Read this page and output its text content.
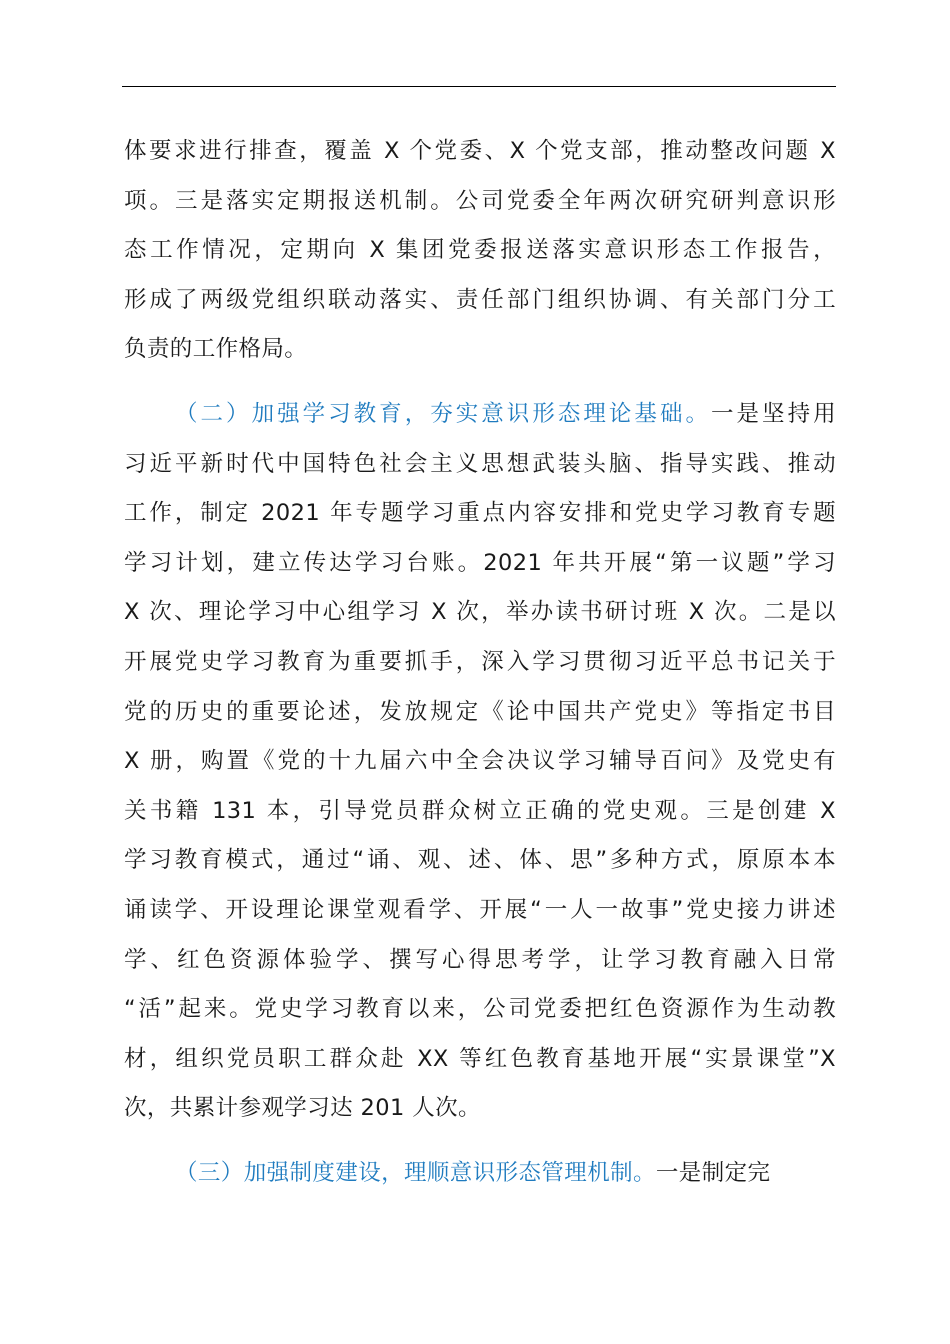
体要求进行排查，覆盖 X 个党委、X 个党支部，推动整改问题 X
项。三是落实定期报送机制。公司党委全年两次研究研判意识形
态工作情况，定期向 X 集团党委报送落实意识形态工作报告，
形成了两级党组织联动落实、责任部门组织协调、有关部门分工
负责的工作格局。

（二）加强学习教育，夯实意识形态理论基础。一是坚持用
习近平新时代中国特色社会主义思想武装头脑、指导实践、推动
工作，制定 2021 年专题学习重点内容安排和党史学习教育专题
学习计划，建立传达学习台账。2021 年共开展“第一议题”学习
X 次、理论学习中心组学习 X 次，举办读书研讨班 X 次。二是以
开展党史学习教育为重要抓手，深入学习贯彻习近平总书记关于
党的历史的重要论述，发放规定《论中国共产党史》等指定书目
X 册，购置《党的十九届六中全会决议学习辅导百问》及党史有
关书籍 131 本，引导党员群众树立正确的党史观。三是创建 X
学习教育模式，通过“诵、观、述、体、思”多种方式，原原本本
诵读学、开设理论课堂观看学、开展“一人一故事”党史接力讲述
学、红色资源体验学、撰写心得思考学，让学习教育融入日常
“活”起来。党史学习教育以来，公司党委把红色资源作为生动教
材，组织党员职工群众赴 XX 等红色教育基地开展“实景课堂”X
次，共累计参观学习达 201 人次。

（三）加强制度建设，理顺意识形态管理机制。一是制定完
